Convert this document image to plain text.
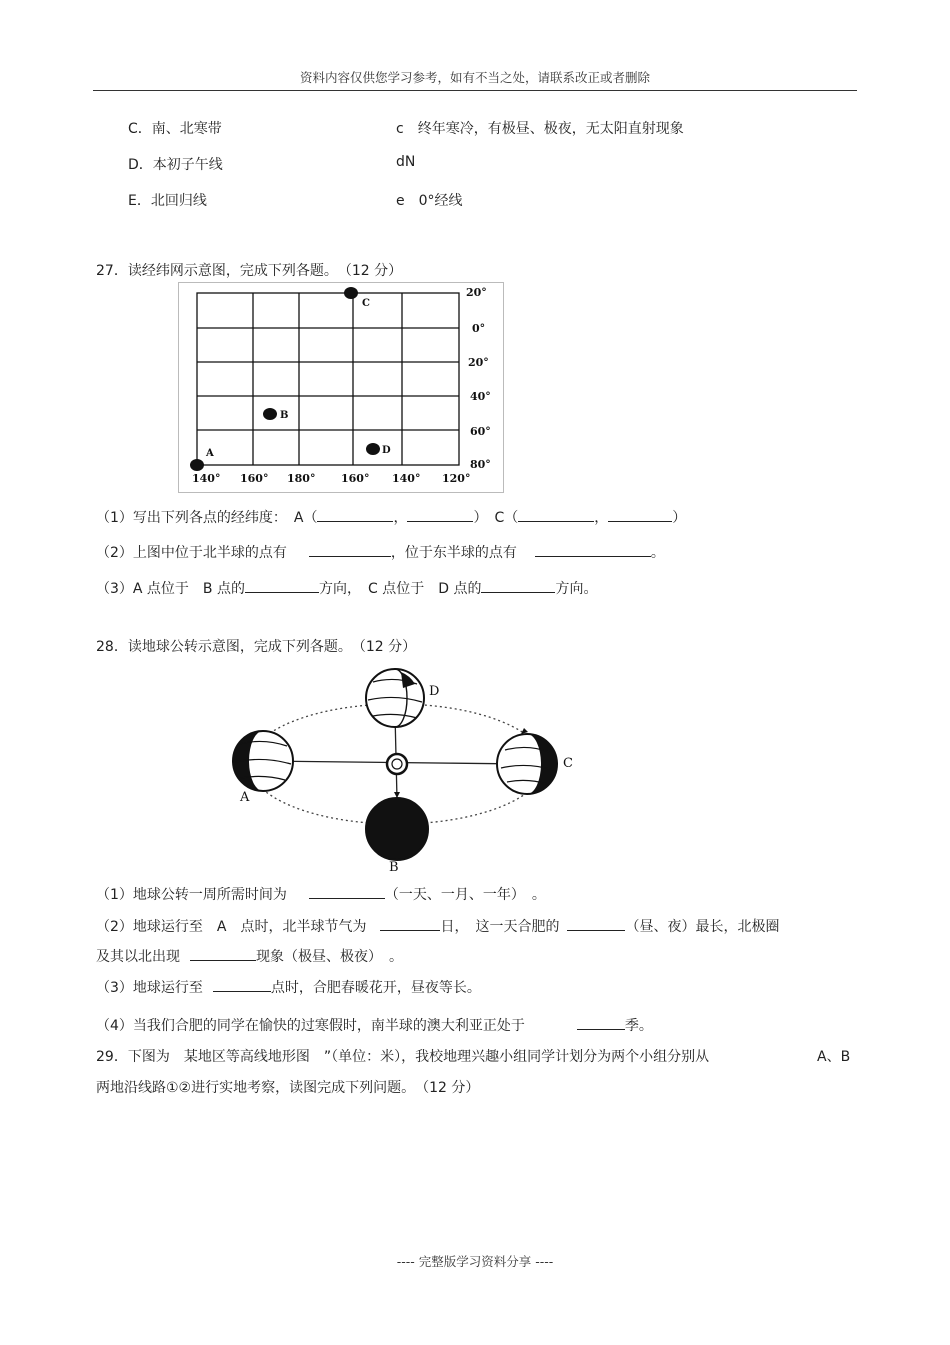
资料内容仅供您学习参考，如有不当之处，请联系改正或者删除
C．南、北寒带	c　终年寒冷，有极昼、极夜，无太阳直射现象
D．本初子午线	dN
E．北回归线	e　0°经线
27．读经纬网示意图，完成下列各题。　（12 分）
20°
0°
20°
40°
60°
80°
140° 160° 180° 160° 140° 120°
A
B
C
D
（1）写出下列各点的经纬度：　A（	，	）　C（	，	）
（2）上图中位于北半球的点有	，位于东半球的点有	。
（3）A 点位于　B 点的	方向，　C 点位于　D 点的	方向。
28．读地球公转示意图，完成下列各题。　（12 分）
A
B
C
D
（1）地球公转一周所需时间为	（一天、一月、一年）　。
（2）地球运行至　A　点时，北半球节气为	日，　这一天合肥的	（昼、夜）最长，北极圈
及其以北出现	现象（极昼、极夜）　。
（3）地球运行至	点时，合肥春暖花开，昼夜等长。
（4）当我们合肥的同学在愉快的过寒假时，南半球的澳大利亚正处于	季。
29．下图为　某地区等高线地形图　”（单位：米），我校地理兴趣小组同学计划分为两个小组分别从	A、B
两地沿线路①②进行实地考察，读图完成下列问题。　（12 分）
---- 完整版学习资料分享 ----
